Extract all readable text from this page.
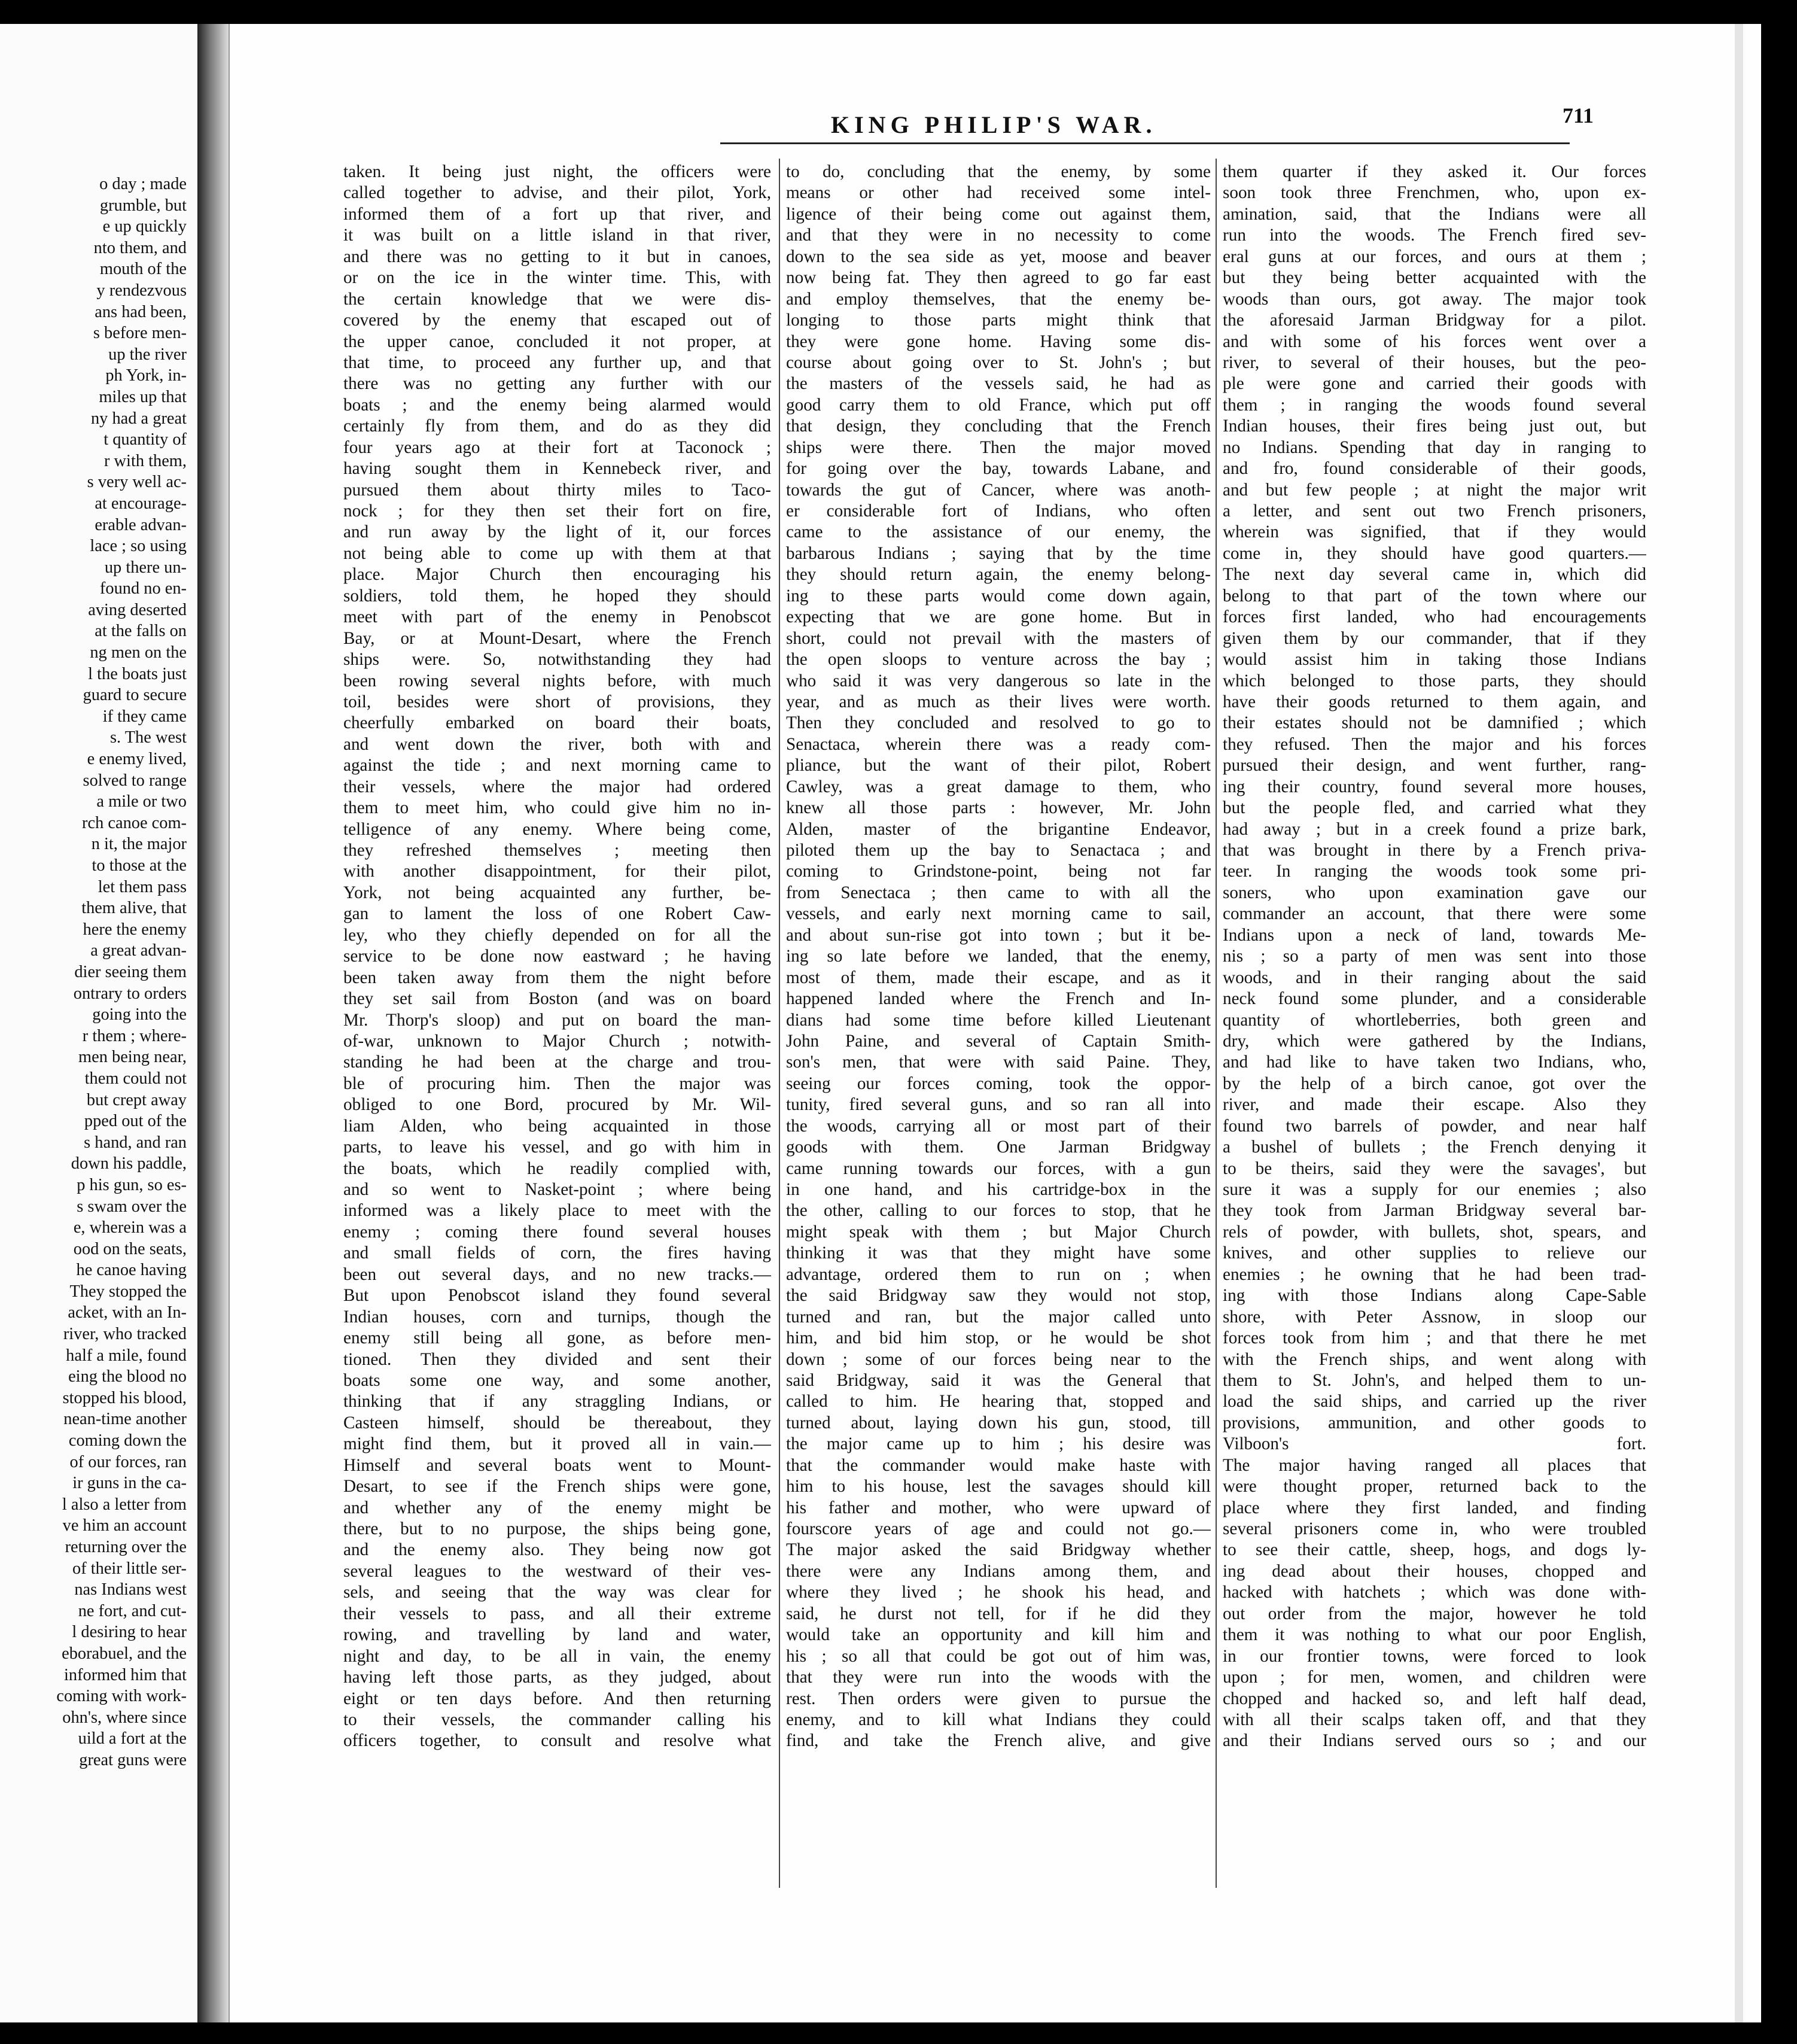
o day ; made
grumble, but
e up quickly
nto them, and
mouth of the
y rendezvous
ans had been,
s before men-
up the river
ph York, in-
miles up that
ny had a great
t quantity of
r with them,
s very well ac-
at encourage-
erable advan-
lace ; so using
up there un-
found no en-
aving deserted
at the falls on
ng men on the
l the boats just
guard to secure
if they came
s. The west
e enemy lived,
solved to range
a mile or two
rch canoe com-
n it, the major
to those at the
let them pass
them alive, that
here the enemy
a great advan-
dier seeing them
ontrary to orders
going into the
r them ; where-
men being near,
them could not
but crept away
pped out of the
s hand, and ran
down his paddle,
p his gun, so es-
s swam over the
e, wherein was a
ood on the seats,
he canoe having
They stopped the
acket, with an In-
river, who tracked
half a mile, found
eing the blood no
stopped his blood,
nean-time another
coming down the
of our forces, ran
ir guns in the ca-
l also a letter from
ve him an account
returning over the
of their little ser-
nas Indians west
ne fort, and cut-
l desiring to hear
eborabuel, and the
informed him that
coming with work-
ohn's, where since
uild a fort at the
great guns were
KING PHILIP'S WAR.	711
taken. It being just night, the officers were
called together to advise, and their pilot, York,
informed them of a fort up that river, and
it was built on a little island in that river,
and there was no getting to it but in canoes,
or on the ice in the winter time. This, with
the certain knowledge that we were dis-
covered by the enemy that escaped out of
the upper canoe, concluded it not proper, at
that time, to proceed any further up, and that
there was no getting any further with our
boats ; and the enemy being alarmed would
certainly fly from them, and do as they did
four years ago at their fort at Taconock ;
having sought them in Kennebeck river, and
pursued them about thirty miles to Taco-
nock ; for they then set their fort on fire,
and run away by the light of it, our forces
not being able to come up with them at that
place. Major Church then encouraging his
soldiers, told them, he hoped they should
meet with part of the enemy in Penobscot
Bay, or at Mount-Desart, where the French
ships were. So, notwithstanding they had
been rowing several nights before, with much
toil, besides were short of provisions, they
cheerfully embarked on board their boats,
and went down the river, both with and
against the tide ; and next morning came to
their vessels, where the major had ordered
them to meet him, who could give him no in-
telligence of any enemy. Where being come,
they refreshed themselves ; meeting then
with another disappointment, for their pilot,
York, not being acquainted any further, be-
gan to lament the loss of one Robert Caw-
ley, who they chiefly depended on for all the
service to be done now eastward ; he having
been taken away from them the night before
they set sail from Boston (and was on board
Mr. Thorp's sloop) and put on board the man-
of-war, unknown to Major Church ; notwith-
standing he had been at the charge and trou-
ble of procuring him. Then the major was
obliged to one Bord, procured by Mr. Wil-
liam Alden, who being acquainted in those
parts, to leave his vessel, and go with him in
the boats, which he readily complied with,
and so went to Nasket-point ; where being
informed was a likely place to meet with the
enemy ; coming there found several houses
and small fields of corn, the fires having
been out several days, and no new tracks.—
But upon Penobscot island they found several
Indian houses, corn and turnips, though the
enemy still being all gone, as before men-
tioned. Then they divided and sent their
boats some one way, and some another,
thinking that if any straggling Indians, or
Casteen himself, should be thereabout, they
might find them, but it proved all in vain.—
Himself and several boats went to Mount-
Desart, to see if the French ships were gone,
and whether any of the enemy might be
there, but to no purpose, the ships being gone,
and the enemy also. They being now got
several leagues to the westward of their ves-
sels, and seeing that the way was clear for
their vessels to pass, and all their extreme
rowing, and travelling by land and water,
night and day, to be all in vain, the enemy
having left those parts, as they judged, about
eight or ten days before. And then returning
to their vessels, the commander calling his
officers together, to consult and resolve what
to do, concluding that the enemy, by some
means or other had received some intel-
ligence of their being come out against them,
and that they were in no necessity to come
down to the sea side as yet, moose and beaver
now being fat. They then agreed to go far east
and employ themselves, that the enemy be-
longing to those parts might think that
they were gone home. Having some dis-
course about going over to St. John's ; but
the masters of the vessels said, he had as
good carry them to old France, which put off
that design, they concluding that the French
ships were there. Then the major moved
for going over the bay, towards Labane, and
towards the gut of Cancer, where was anoth-
er considerable fort of Indians, who often
came to the assistance of our enemy, the
barbarous Indians ; saying that by the time
they should return again, the enemy belong-
ing to these parts would come down again,
expecting that we are gone home. But in
short, could not prevail with the masters of
the open sloops to venture across the bay ;
who said it was very dangerous so late in the
year, and as much as their lives were worth.
Then they concluded and resolved to go to
Senactaca, wherein there was a ready com-
pliance, but the want of their pilot, Robert
Cawley, was a great damage to them, who
knew all those parts : however, Mr. John
Alden, master of the brigantine Endeavor,
piloted them up the bay to Senactaca ; and
coming to Grindstone-point, being not far
from Senectaca ; then came to with all the
vessels, and early next morning came to sail,
and about sun-rise got into town ; but it be-
ing so late before we landed, that the enemy,
most of them, made their escape, and as it
happened landed where the French and In-
dians had some time before killed Lieutenant
John Paine, and several of Captain Smith-
son's men, that were with said Paine. They,
seeing our forces coming, took the oppor-
tunity, fired several guns, and so ran all into
the woods, carrying all or most part of their
goods with them. One Jarman Bridgway
came running towards our forces, with a gun
in one hand, and his cartridge-box in the
the other, calling to our forces to stop, that he
might speak with them ; but Major Church
thinking it was that they might have some
advantage, ordered them to run on ; when
the said Bridgway saw they would not stop,
turned and ran, but the major called unto
him, and bid him stop, or he would be shot
down ; some of our forces being near to the
said Bridgway, said it was the General that
called to him. He hearing that, stopped and
turned about, laying down his gun, stood, till
the major came up to him ; his desire was
that the commander would make haste with
him to his house, lest the savages should kill
his father and mother, who were upward of
fourscore years of age and could not go.—
The major asked the said Bridgway whether
there were any Indians among them, and
where they lived ; he shook his head, and
said, he durst not tell, for if he did they
would take an opportunity and kill him and
his ; so all that could be got out of him was,
that they were run into the woods with the
rest. Then orders were given to pursue the
enemy, and to kill what Indians they could
find, and take the French alive, and give
them quarter if they asked it. Our forces
soon took three Frenchmen, who, upon ex-
amination, said, that the Indians were all
run into the woods. The French fired sev-
eral guns at our forces, and ours at them ;
but they being better acquainted with the
woods than ours, got away. The major took
the aforesaid Jarman Bridgway for a pilot.
and with some of his forces went over a
river, to several of their houses, but the peo-
ple were gone and carried their goods with
them ; in ranging the woods found several
Indian houses, their fires being just out, but
no Indians. Spending that day in ranging to
and fro, found considerable of their goods,
and but few people ; at night the major writ
a letter, and sent out two French prisoners,
wherein was signified, that if they would
come in, they should have good quarters.—
The next day several came in, which did
belong to that part of the town where our
forces first landed, who had encouragements
given them by our commander, that if they
would assist him in taking those Indians
which belonged to those parts, they should
have their goods returned to them again, and
their estates should not be damnified ; which
they refused. Then the major and his forces
pursued their design, and went further, rang-
ing their country, found several more houses,
but the people fled, and carried what they
had away ; but in a creek found a prize bark,
that was brought in there by a French priva-
teer. In ranging the woods took some pri-
soners, who upon examination gave our
commander an account, that there were some
Indians upon a neck of land, towards Me-
nis ; so a party of men was sent into those
woods, and in their ranging about the said
neck found some plunder, and a considerable
quantity of whortleberries, both green and
dry, which were gathered by the Indians,
and had like to have taken two Indians, who,
by the help of a birch canoe, got over the
river, and made their escape. Also they
found two barrels of powder, and near half
a bushel of bullets ; the French denying it
to be theirs, said they were the savages', but
sure it was a supply for our enemies ; also
they took from Jarman Bridgway several bar-
rels of powder, with bullets, shot, spears, and
knives, and other supplies to relieve our
enemies ; he owning that he had been trad-
ing with those Indians along Cape-Sable
shore, with Peter Assnow, in sloop our
forces took from him ; and that there he met
with the French ships, and went along with
them to St. John's, and helped them to un-
load the said ships, and carried up the river
provisions, ammunition, and other goods to
Vilboon's fort.
The major having ranged all places that
were thought proper, returned back to the
place where they first landed, and finding
several prisoners come in, who were troubled
to see their cattle, sheep, hogs, and dogs ly-
ing dead about their houses, chopped and
hacked with hatchets ; which was done with-
out order from the major, however he told
them it was nothing to what our poor English,
in our frontier towns, were forced to look
upon ; for men, women, and children were
chopped and hacked so, and left half dead,
with all their scalps taken off, and that they
and their Indians served ours so ; and our
